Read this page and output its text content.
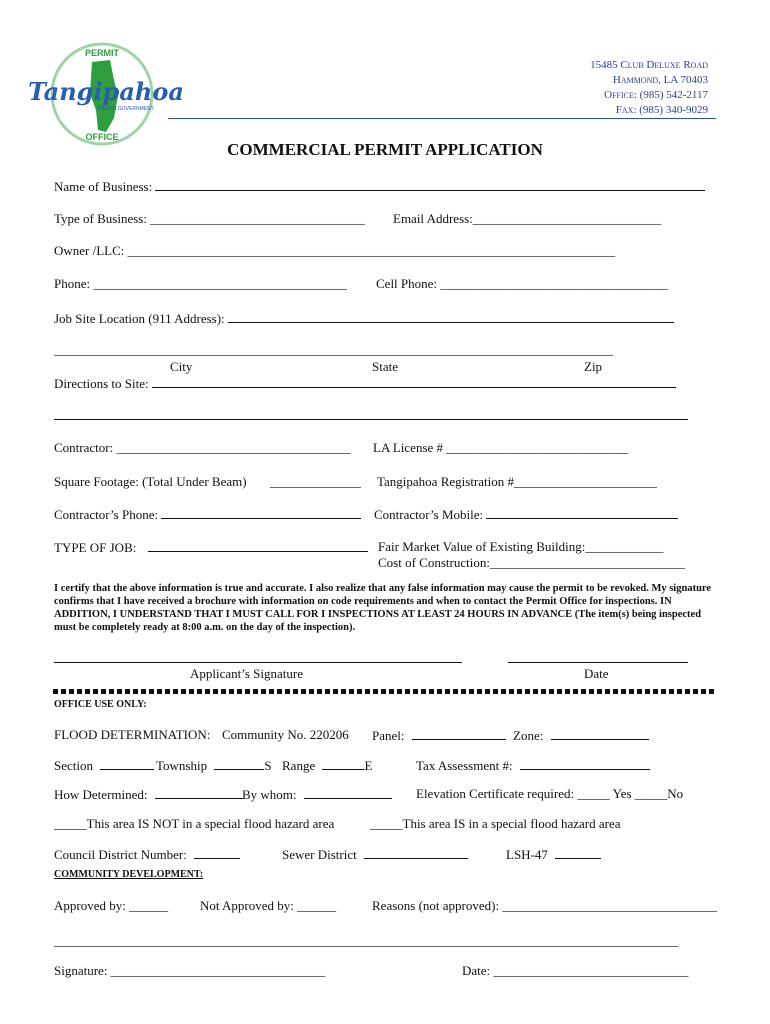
PERMIT
OFFICE
Tangipahoa
PARISH GOVERNMENT
15485 Club Deluxe Road
Hammond, LA 70403
Office: (985) 542-2117
Fax: (985) 340-9029
COMMERCIAL PERMIT APPLICATION
Name of Business:
Type of Business: _________________________________ Email Address:_____________________________
Owner /LLC: ___________________________________________________________________________
Phone: _______________________________________ Cell Phone: ___________________________________
Job Site Location (911 Address):
______________________________________________________________________________________
City	State	Zip
Directions to Site:
Contractor: ____________________________________ LA License # ____________________________
Square Footage: (Total Under Beam) ______________ Tangipahoa Registration #______________________
Contractor’s Phone:	Contractor’s Mobile:
TYPE OF JOB:	Fair Market Value of Existing Building:____________
Cost of Construction:______________________________
I certify that the above information is true and accurate. I also realize that any false information may cause the permit to be revoked. My signature confirms that I have received a brochure with information on code requirements and when to contact the Permit Office for inspections. IN ADDITION, I UNDERSTAND THAT I MUST CALL FOR I INSPECTIONS AT LEAST 24 HOURS IN ADVANCE (The item(s) being inspected must be completely ready at 8:00 a.m. on the day of the inspection).
Applicant’s Signature	Date
OFFICE USE ONLY:
FLOOD DETERMINATION: Community No. 220206 Panel:	Zone:
Section	Township	S Range	E	Tax Assessment #:
How Determined:	By whom:	Elevation Certificate required: _____ Yes _____No
_____This area IS NOT in a special flood hazard area	_____This area IS in a special flood hazard area
Council District Number:	Sewer District	LSH-47
COMMUNITY DEVELOPMENT:
Approved by: ______ Not Approved by: ______	Reasons (not approved): _________________________________
________________________________________________________________________________________________
Signature: _________________________________	Date: ______________________________
